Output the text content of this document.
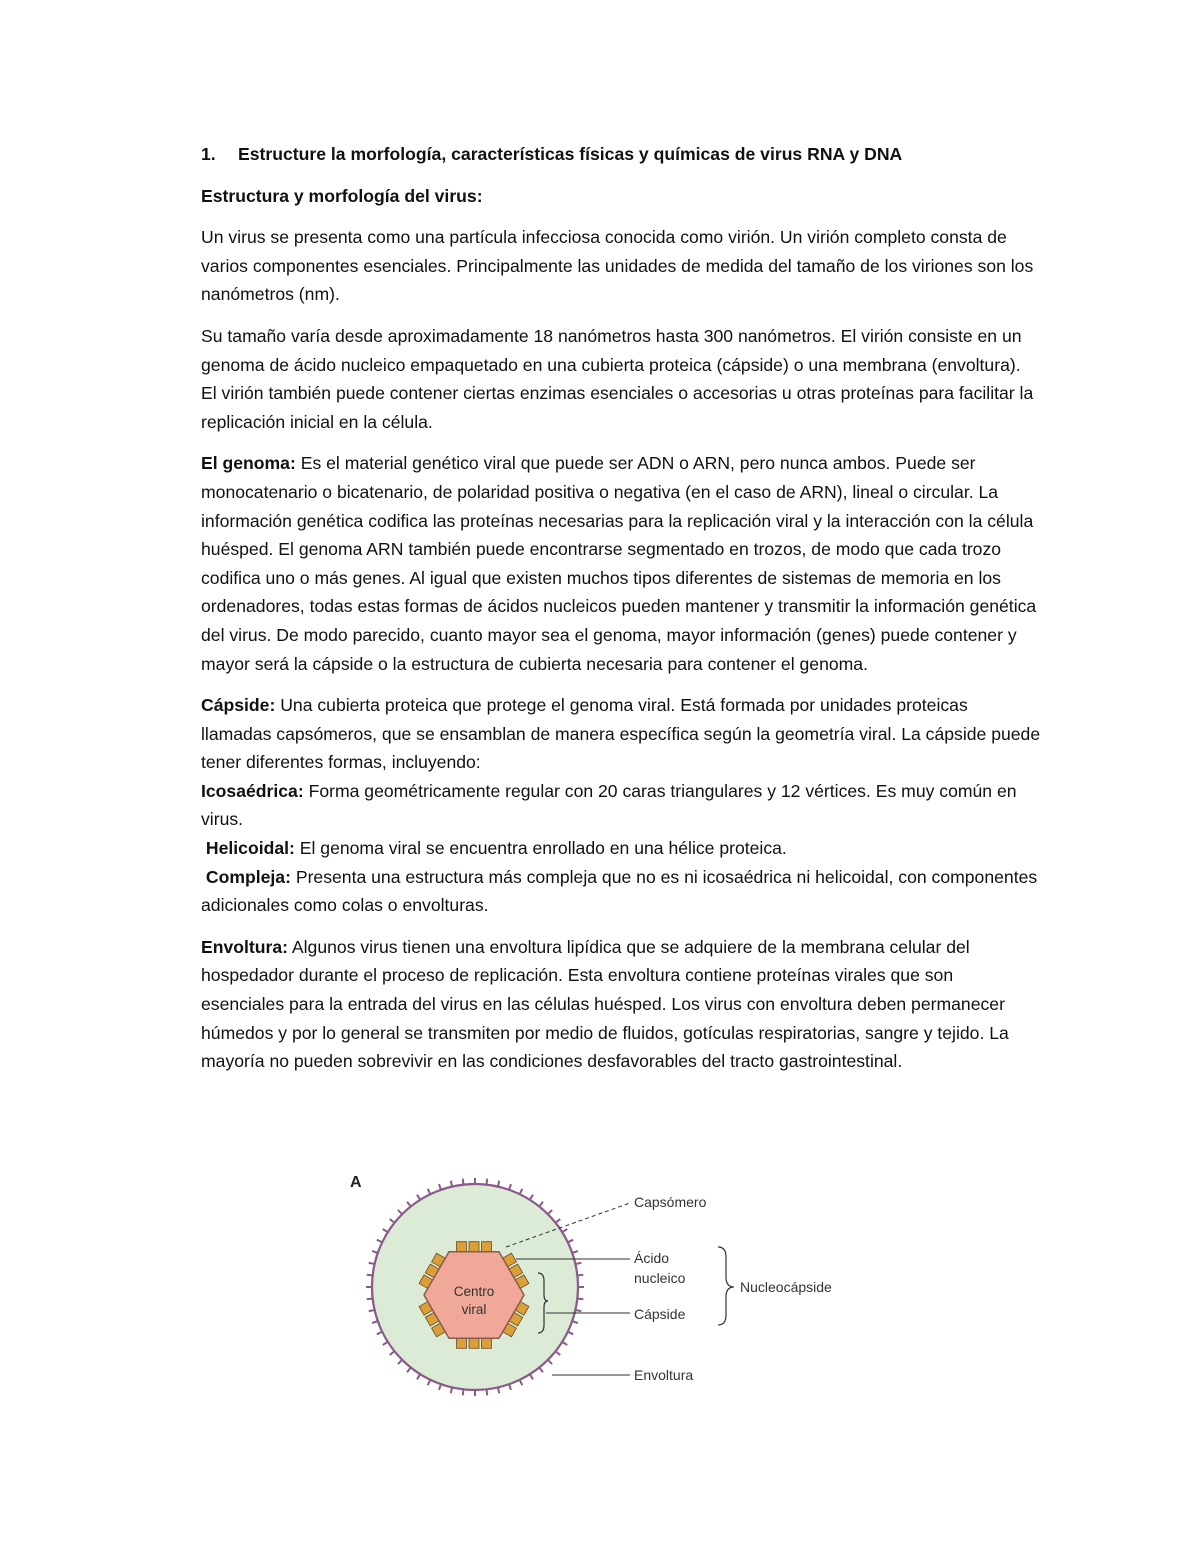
1.	Estructure la morfología, características físicas y químicas de virus RNA y DNA
Estructura y morfología del virus:

Un virus se presenta como una partícula infecciosa conocida como virión. Un virión completo consta de varios componentes esenciales. Principalmente las unidades de medida del tamaño de los viriones son los nanómetros (nm).

Su tamaño varía desde aproximadamente 18 nanómetros hasta 300 nanómetros. El virión consiste en un genoma de ácido nucleico empaquetado en una cubierta proteica (cápside) o una membrana (envoltura). El virión también puede contener ciertas enzimas esenciales o accesorias u otras proteínas para facilitar la replicación inicial en la célula.

El genoma: Es el material genético viral que puede ser ADN o ARN, pero nunca ambos. Puede ser monocatenario o bicatenario, de polaridad positiva o negativa (en el caso de ARN), lineal o circular. La información genética codifica las proteínas necesarias para la replicación viral y la interacción con la célula huésped. El genoma ARN también puede encontrarse segmentado en trozos, de modo que cada trozo codifica uno o más genes. Al igual que existen muchos tipos diferentes de sistemas de memoria en los ordenadores, todas estas formas de ácidos nucleicos pueden mantener y transmitir la información genética del virus. De modo parecido, cuanto mayor sea el genoma, mayor información (genes) puede contener y mayor será la cápside o la estructura de cubierta necesaria para contener el genoma.

Cápside: Una cubierta proteica que protege el genoma viral. Está formada por unidades proteicas llamadas capsómeros, que se ensamblan de manera específica según la geometría viral. La cápside puede tener diferentes formas, incluyendo:

Icosaédrica: Forma geométricamente regular con 20 caras triangulares y 12 vértices. Es muy común en virus.

Helicoidal: El genoma viral se encuentra enrollado en una hélice proteica.

Compleja: Presenta una estructura más compleja que no es ni icosaédrica ni helicoidal, con componentes adicionales como colas o envolturas.

Envoltura: Algunos virus tienen una envoltura lipídica que se adquiere de la membrana celular del hospedador durante el proceso de replicación. Esta envoltura contiene proteínas virales que son esenciales para la entrada del virus en las células huésped. Los virus con envoltura deben permanecer húmedos y por lo general se transmiten por medio de fluidos, gotículas respiratorias, sangre y tejido. La mayoría no pueden sobrevivir en las condiciones desfavorables del tracto gastrointestinal.

A
Centro
viral
Capsómero
Ácido
nucleico
Cápside
Envoltura
Nucleocápside
